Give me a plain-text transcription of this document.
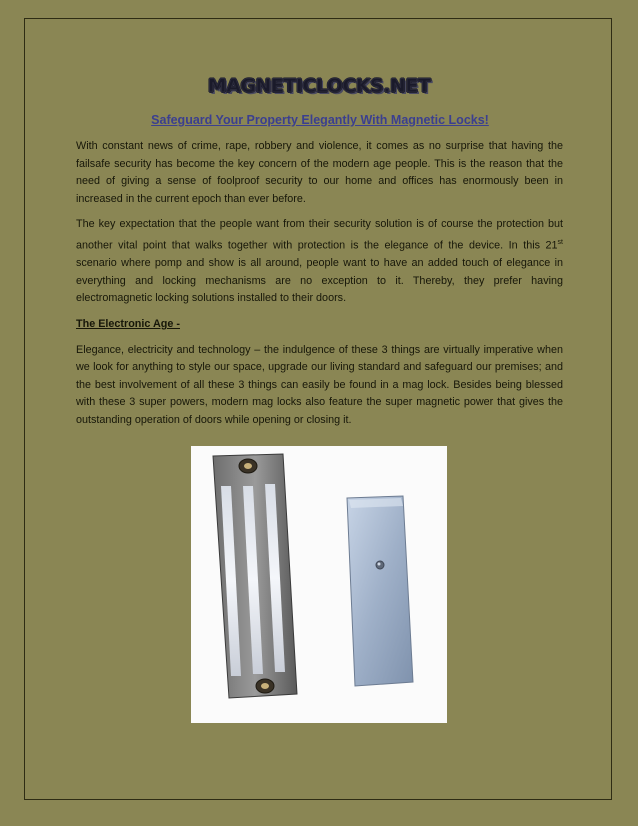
MAGNETICLOCKS.NET
Safeguard Your Property Elegantly With Magnetic Locks!

With constant news of crime, rape, robbery and violence, it comes as no surprise that having the failsafe security has become the key concern of the modern age people. This is the reason that the need of giving a sense of foolproof security to our home and offices has enormously been in increased in the current epoch than ever before.

The key expectation that the people want from their security solution is of course the protection but another vital point that walks together with protection is the elegance of the device. In this 21st scenario where pomp and show is all around, people want to have an added touch of elegance in everything and locking mechanisms are no exception to it. Thereby, they prefer having electromagnetic locking solutions installed to their doors.

The Electronic Age -

Elegance, electricity and technology – the indulgence of these 3 things are virtually imperative when we look for anything to style our space, upgrade our living standard and safeguard our premises; and the best involvement of all these 3 things can easily be found in a mag lock. Besides being blessed with these 3 super powers, modern mag locks also feature the super magnetic power that gives the outstanding operation of doors while opening or closing it.
